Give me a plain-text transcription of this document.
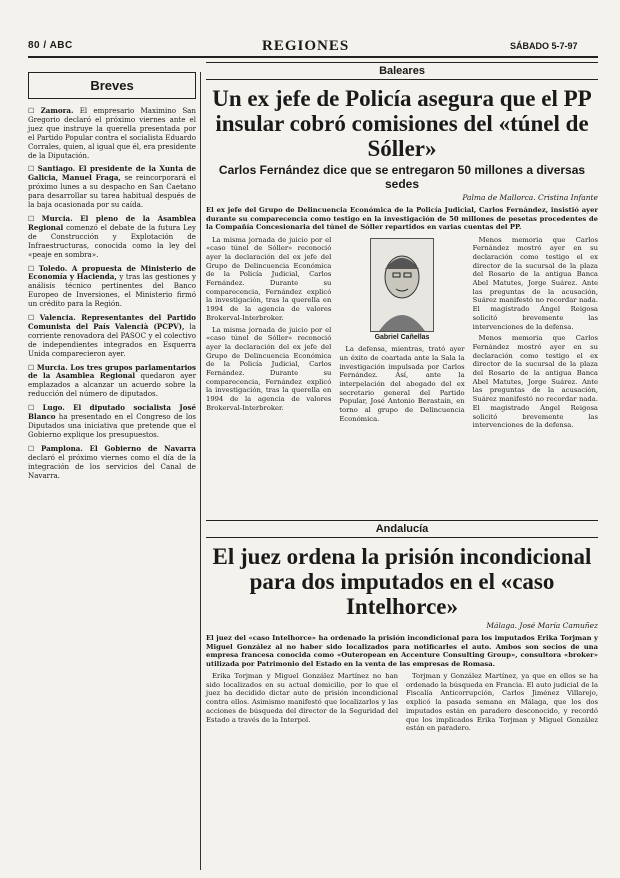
80 / ABC	REGIONES	SÁBADO 5-7-97
Breves

☐ Zamora. El empresario Maximino San Gregorio declaró el próximo viernes ante el juez que instruye la querella presentada por el Partido Popular contra el socialista Eduardo Corrales, quien, al igual que él, era presidente de la Diputación.

☐ Santiago. El presidente de la Xunta de Galicia, Manuel Fraga, se reincorporará el próximo lunes a su despacho en San Caetano para desarrollar su tarea habitual después de la baja ocasionada por su caída.

☐ Murcia. El pleno de la Asamblea Regional comenzó el debate de la futura Ley de Construcción y Explotación de Infraestructuras, conocida como la ley del «peaje en sombra».

☐ Toledo. A propuesta de Ministerio de Economía y Hacienda, y tras las gestiones y análisis técnico pertinentes del Banco Europeo de Inversiones, el Ministerio firmó un crédito para la Región.

☐ Valencia. Representantes del Partido Comunista del País Valencià (PCPV), la corriente renovadora del PASOC y el colectivo de independientes integrados en Esquerra Unida comparecieron ayer.

☐ Murcia. Los tres grupos parlamentarios de la Asamblea Regional quedaron ayer emplazados a alcanzar un acuerdo sobre la reducción del número de diputados.

☐ Lugo. El diputado socialista José Blanco ha presentado en el Congreso de los Diputados una iniciativa que pretende que el Gobierno explique los presupuestos.

☐ Pamplona. El Gobierno de Navarra declaró el próximo viernes como el día de la integración de los servicios del Canal de Navarra.

Baleares
Un ex jefe de Policía asegura que el PP insular cobró comisiones del «túnel de Sóller»
Carlos Fernández dice que se entregaron 50 millones a diversas sedes
Palma de Mallorca. Cristina Infante
El ex jefe del Grupo de Delincuencia Económica de la Policía Judicial, Carlos Fernández, insistió ayer durante su comparecencia como testigo en la investigación de 50 millones de pesetas procedentes de la Compañía Concesionaria del túnel de Sóller repartidos en varias cuentas del PP.

La misma jornada de juicio por el «caso túnel de Sóller» reconoció ayer la declaración del ex jefe del Grupo de Delincuencia Económica de la Policía Judicial, Carlos Fernández. Durante su comparecencia, Fernández explicó la investigación, tras la querella en 1994 de la agencia de valores Brokerval-Interbroker.

La misma jornada de juicio por el «caso túnel de Sóller» reconoció ayer la declaración del ex jefe del Grupo de Delincuencia Económica de la Policía Judicial, Carlos Fernández. Durante su comparecencia, Fernández explicó la investigación, tras la querella en 1994 de la agencia de valores Brokerval-Interbroker.

Gabriel Cañellas

La defensa, mientras, trató ayer un éxito de coartada ante la Sala la investigación impulsada por Carlos Fernández. Así, ante la interpelación del abogado del ex secretario general del Partido Popular, José Antonio Berastain, en torno al grupo de Delincuencia Económica.

Menos memoria que Carlos Fernández mostró ayer en su declaración como testigo el ex director de la sucursal de la plaza del Rosario de la antigua Banca Abel Matutes, Jorge Suárez. Ante las preguntas de la acusación, Suárez manifestó no recordar nada. El magistrado Ángel Reigosa solicitó brevemente las intervenciones de la defensa.

Menos memoria que Carlos Fernández mostró ayer en su declaración como testigo el ex director de la sucursal de la plaza del Rosario de la antigua Banca Abel Matutes, Jorge Suárez. Ante las preguntas de la acusación, Suárez manifestó no recordar nada. El magistrado Ángel Reigosa solicitó brevemente las intervenciones de la defensa.

Andalucía
El juez ordena la prisión incondicional para dos imputados en el «caso Intelhorce»
Málaga. José María Camuñez
El juez del «caso Intelhorce» ha ordenado la prisión incondicional para los imputados Erika Torjman y Miguel González al no haber sido localizados para notificarles el auto. Ambos son socios de una empresa francesa conocida como «Outeropean en Accenture Consulting Group», consultora «broker» utilizada por Patrimonio del Estado en la venta de las empresas de Romasa.

Erika Torjman y Miguel González Martínez no han sido localizados en su actual domicilio, por lo que el juez ha decidido dictar auto de prisión incondicional contra ellos. Asimismo manifestó que localizarlos y las acciones de búsqueda del director de la Seguridad del Estado a través de la Interpol.

Torjman y González Martínez, ya que en ellos se ha ordenado la búsqueda en Francia. El auto judicial de la Fiscalía Anticorrupción, Carlos Jiménez Villarejo, explicó la pasada semana en Málaga, que los dos imputados están en paradero desconocido, y recordó que los implicados Erika Torjman y Miguel González están en paradero.
